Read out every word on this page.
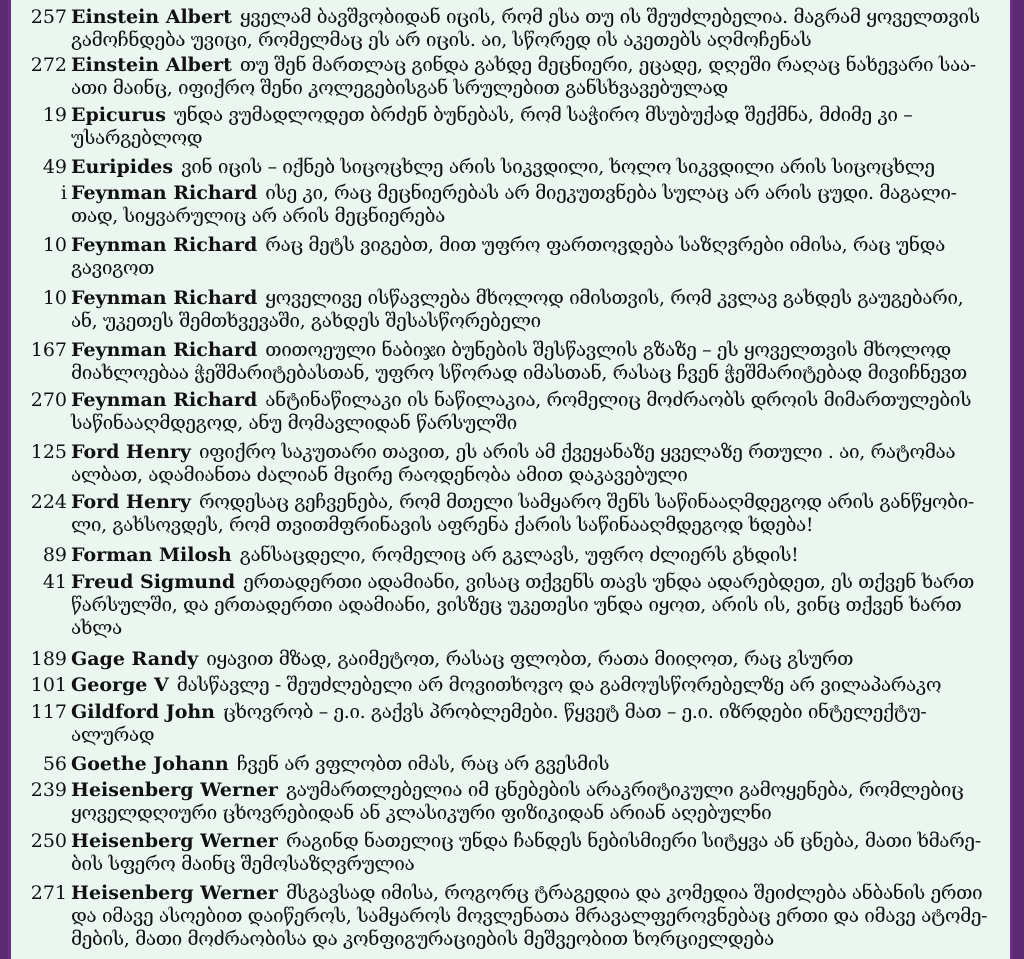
257 Einstein Albert ყველამ ბავშვობიდან იცის, რომ ესა თუ ის შეუძლებელია. მაგრამ ყოველთვის
გამოჩნდება უვიცი, რომელმაც ეს არ იცის. აი, სწორედ ის აკეთებს აღმოჩენას
272 Einstein Albert თუ შენ მართლაც გინდა გახდე მეცნიერი, ეცადე, დღეში რაღაც ნახევარი საა-
ათი მაინც, იფიქრო შენი კოლეგებისგან სრულებით განსხვავებულად
19 Epicurus უნდა ვუმადლოდეთ ბრძენ ბუნებას, რომ საჭირო მსუბუქად შექმნა, მძიმე კი –
უსარგებლოდ
49 Euripides ვინ იცის – იქნებ სიცოცხლე არის სიკვდილი, ხოლო სიკვდილი არის სიცოცხლე
i Feynman Richard ისე კი, რაც მეცნიერებას არ მიეკუთვნება სულაც არ არის ცუდი. მაგალი-
თად, სიყვარულიც არ არის მეცნიერება
10 Feynman Richard რაც მეტს ვიგებთ, მით უფრო ფართოვდება საზღვრები იმისა, რაც უნდა
გავიგოთ
10 Feynman Richard ყოველივე ისწავლება მხოლოდ იმისთვის, რომ კვლავ გახდეს გაუგებარი,
ან, უკეთეს შემთხვევაში, გახდეს შესასწორებელი
167 Feynman Richard თითოეული ნაბიჯი ბუნების შესწავლის გზაზე – ეს ყოველთვის მხოლოდ
მიახლოებაა ჭეშმარიტებასთან, უფრო სწორად იმასთან, რასაც ჩვენ ჭეშმარიტებად მივიჩნევთ
270 Feynman Richard ანტინაწილაკი ის ნაწილაკია, რომელიც მოძრაობს დროის მიმართულების
საწინააღმდეგოდ, ანუ მომავლიდან წარსულში
125 Ford Henry იფიქრო საკუთარი თავით, ეს არის ამ ქვეყანაზე ყველაზე რთული . აი, რატომაა
ალბათ, ადამიანთა ძალიან მცირე რაოდენობა ამით დაკავებული
224 Ford Henry როდესაც გეჩვენება, რომ მთელი სამყარო შენს საწინააღმდეგოდ არის განწყობი-
ლი, გახსოვდეს, რომ თვითმფრინავის აფრენა ქარის საწინააღმდეგოდ ხდება!
89 Forman Milosh განსაცდელი, რომელიც არ გკლავს, უფრო ძლიერს გხდის!
41 Freud Sigmund ერთადერთი ადამიანი, ვისაც თქვენს თავს უნდა ადარებდეთ, ეს თქვენ ხართ
წარსულში, და ერთადერთი ადამიანი, ვისზეც უკეთესი უნდა იყოთ, არის ის, ვინც თქვენ ხართ
ახლა
189 Gage Randy იყავით მზად, გაიმეტოთ, რასაც ფლობთ, რათა მიიღოთ, რაც გსურთ
101 George V მასწავლე - შეუძლებელი არ მოვითხოვო და გამოუსწორებელზე არ ვილაპარაკო
117 Gildford John ცხოვრობ – ე.ი. გაქვს პრობლემები. წყვეტ მათ – ე.ი. იზრდები ინტელექტუ-
ალურად
56 Goethe Johann ჩვენ არ ვფლობთ იმას, რაც არ გვესმის
239 Heisenberg Werner გაუმართლებელია იმ ცნებების არაკრიტიკული გამოყენება, რომლებიც
ყოველდღიური ცხოვრებიდან ან კლასიკური ფიზიკიდან არიან აღებულნი
250 Heisenberg Werner რაგინდ ნათელიც უნდა ჩანდეს ნებისმიერი სიტყვა ან ცნება, მათი ხმარე-
ბის სფერო მაინც შემოსაზღვრულია
271 Heisenberg Werner მსგავსად იმისა, როგორც ტრაგედია და კომედია შეიძლება ანბანის ერთი
და იმავე ასოებით დაიწეროს, სამყაროს მოვლენათა მრავალფეროვნებაც ერთი და იმავე ატომე-
მების, მათი მოძრაობისა და კონფიგურაციების მეშვეობით ხორციელდება
